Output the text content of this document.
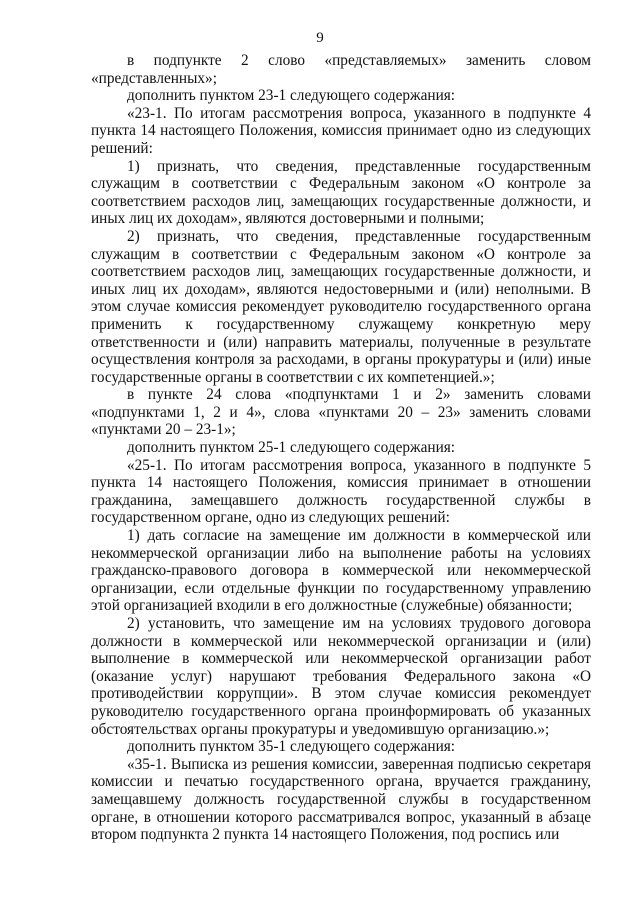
9

в подпункте 2 слово «представляемых» заменить словом «представленных»;

дополнить пунктом 23-1 следующего содержания:

«23-1. По итогам рассмотрения вопроса, указанного в подпункте 4 пункта 14 настоящего Положения, комиссия принимает одно из следующих решений:

1) признать, что сведения, представленные государственным служащим в соответствии с Федеральным законом «О контроле за соответствием расходов лиц, замещающих государственные должности, и иных лиц их доходам», являются достоверными и полными;

2) признать, что сведения, представленные государственным служащим в соответствии с Федеральным законом «О контроле за соответствием расходов лиц, замещающих государственные должности, и иных лиц их доходам», являются недостоверными и (или) неполными. В этом случае комиссия рекомендует руководителю государственного органа применить к государственному служащему конкретную меру ответственности и (или) направить материалы, полученные в результате осуществления контроля за расходами, в органы прокуратуры и (или) иные государственные органы в соответствии с их компетенцией.»;

в пункте 24 слова «подпунктами 1 и 2» заменить словами «подпунктами 1, 2 и 4», слова «пунктами 20 – 23» заменить словами «пунктами 20 – 23-1»;

дополнить пунктом 25-1 следующего содержания:

«25-1. По итогам рассмотрения вопроса, указанного в подпункте 5 пункта 14 настоящего Положения, комиссия принимает в отношении гражданина, замещавшего должность государственной службы в государственном органе, одно из следующих решений:

1) дать согласие на замещение им должности в коммерческой или некоммерческой организации либо на выполнение работы на условиях гражданско-правового договора в коммерческой или некоммерческой организации, если отдельные функции по государственному управлению этой организацией входили в его должностные (служебные) обязанности;

2) установить, что замещение им на условиях трудового договора должности в коммерческой или некоммерческой организации и (или) выполнение в коммерческой или некоммерческой организации работ (оказание услуг) нарушают требования Федерального закона «О противодействии коррупции». В этом случае комиссия рекомендует руководителю государственного органа проинформировать об указанных обстоятельствах органы прокуратуры и уведомившую организацию.»;

дополнить пунктом 35-1 следующего содержания:

«35-1. Выписка из решения комиссии, заверенная подписью секретаря комиссии и печатью государственного органа, вручается гражданину, замещавшему должность государственной службы в государственном органе, в отношении которого рассматривался вопрос, указанный в абзаце втором подпункта 2 пункта 14 настоящего Положения, под роспись или
